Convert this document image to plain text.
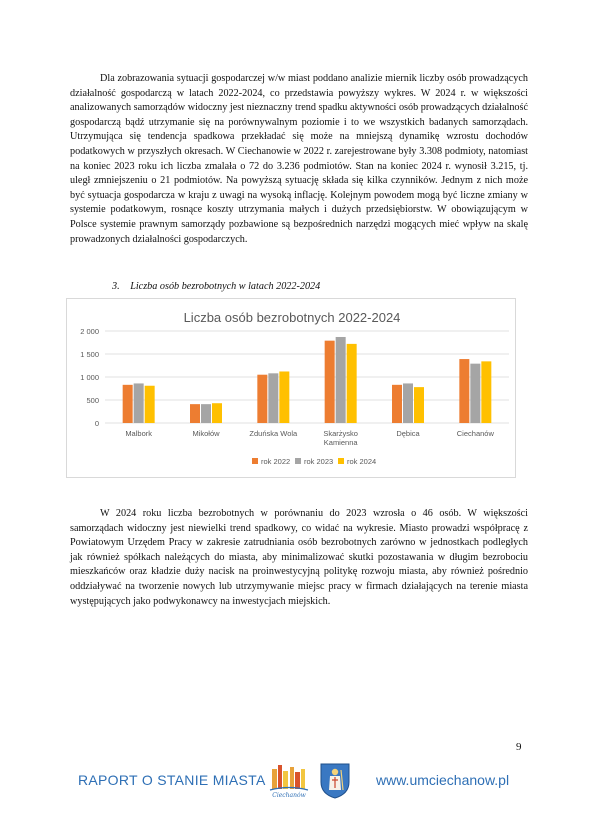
Dla zobrazowania sytuacji gospodarczej w/w miast poddano analizie miernik liczby osób prowadzących działalność gospodarczą w latach 2022-2024, co przedstawia powyższy wykres. W 2024 r. w większości analizowanych samorządów widoczny jest nieznaczny trend spadku aktywności osób prowadzących działalność gospodarczą bądź utrzymanie się na porównywalnym poziomie i to we wszystkich badanych samorządach. Utrzymująca się tendencja spadkowa przekładać się może na mniejszą dynamikę wzrostu dochodów podatkowych w przyszłych okresach. W Ciechanowie w 2022 r. zarejestrowane były 3.308 podmioty, natomiast na koniec 2023 roku ich liczba zmalała o 72 do 3.236 podmiotów. Stan na koniec 2024 r. wynosił 3.215, tj. uległ zmniejszeniu o 21 podmiotów. Na powyższą sytuację składa się kilka czynników. Jednym z nich może być sytuacja gospodarcza w kraju z uwagi na wysoką inflację. Kolejnym powodem mogą być liczne zmiany w systemie podatkowym, rosnące koszty utrzymania małych i dużych przedsiębiorstw. W obowiązującym w Polsce systemie prawnym samorządy pozbawione są bezpośrednich narzędzi mogących mieć wpływ na skalę prowadzonych działalności gospodarczych.

3. Liczba osób bezrobotnych w latach 2022-2024
Liczba osób bezrobotnych 2022-2024
0
500
1 000
1 500
2 000
Malbork	Mikołów	Zduńska Wola	Skarżysko
Kamienna
Dębica	Ciechanów
rok 2022 rok 2023 rok 2024

W 2024 roku liczba bezrobotnych w porównaniu do 2023 wzrosła o 46 osób. W większości samorządach widoczny jest niewielki trend spadkowy, co widać na wykresie. Miasto prowadzi współpracę z Powiatowym Urzędem Pracy w zakresie zatrudniania osób bezrobotnych zarówno w jednostkach podległych jak również spółkach należących do miasta, aby minimalizować skutki pozostawania w długim bezrobociu mieszkańców oraz kładzie duży nacisk na proinwestycyjną politykę rozwoju miasta, aby również pośrednio oddziaływać na tworzenie nowych lub utrzymywanie miejsc pracy w firmach działających na terenie miasta występujących jako podwykonawcy na inwestycjach miejskich.

9
RAPORT O STANIE MIASTA
Ciechanów
www.umciechanow.pl
